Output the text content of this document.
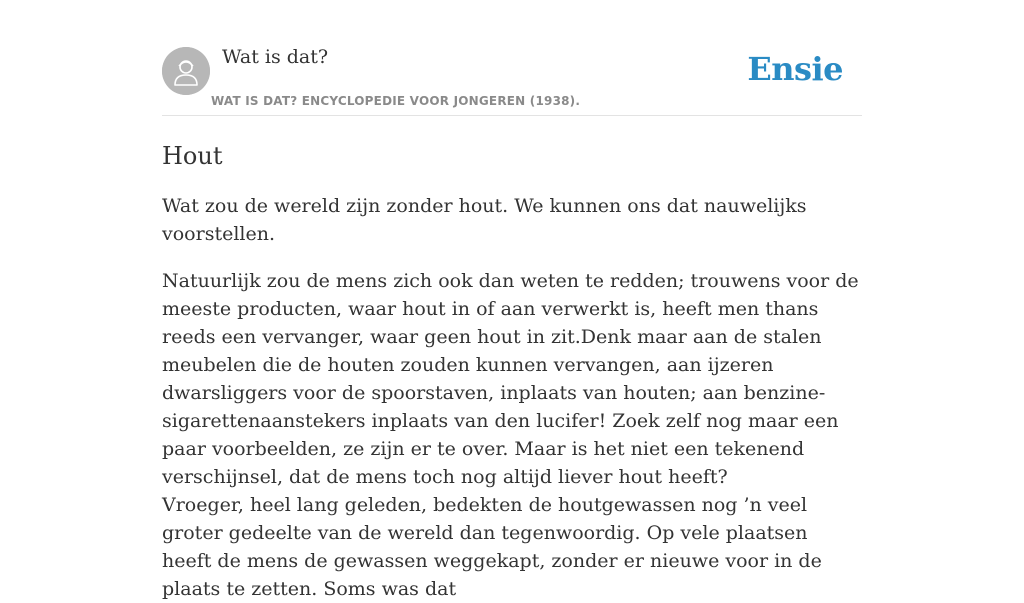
Wat is dat?
WAT IS DAT? ENCYCLOPEDIE VOOR JONGEREN (1938).
Ensie
Hout

Wat zou de wereld zijn zonder hout. We kunnen ons dat nauwelijks voorstellen.

Natuurlijk zou de mens zich ook dan weten te redden; trouwens voor de meeste producten, waar hout in of aan verwerkt is, heeft men thans reeds een vervanger, waar geen hout in zit.Denk maar aan de stalen meubelen die de houten zouden kunnen vervangen, aan ijzeren dwarsliggers voor de spoorstaven, inplaats van houten; aan benzine-sigarettenaanstekers inplaats van den lucifer! Zoek zelf nog maar een paar voorbeelden, ze zijn er te over. Maar is het niet een tekenend verschijnsel, dat de mens toch nog altijd liever hout heeft?

Vroeger, heel lang geleden, bedekten de houtgewassen nog ’n veel groter gedeelte van de wereld dan tegenwoordig. Op vele plaatsen heeft de mens de gewassen weggekapt, zonder er nieuwe voor in de plaats te zetten. Soms was dat
